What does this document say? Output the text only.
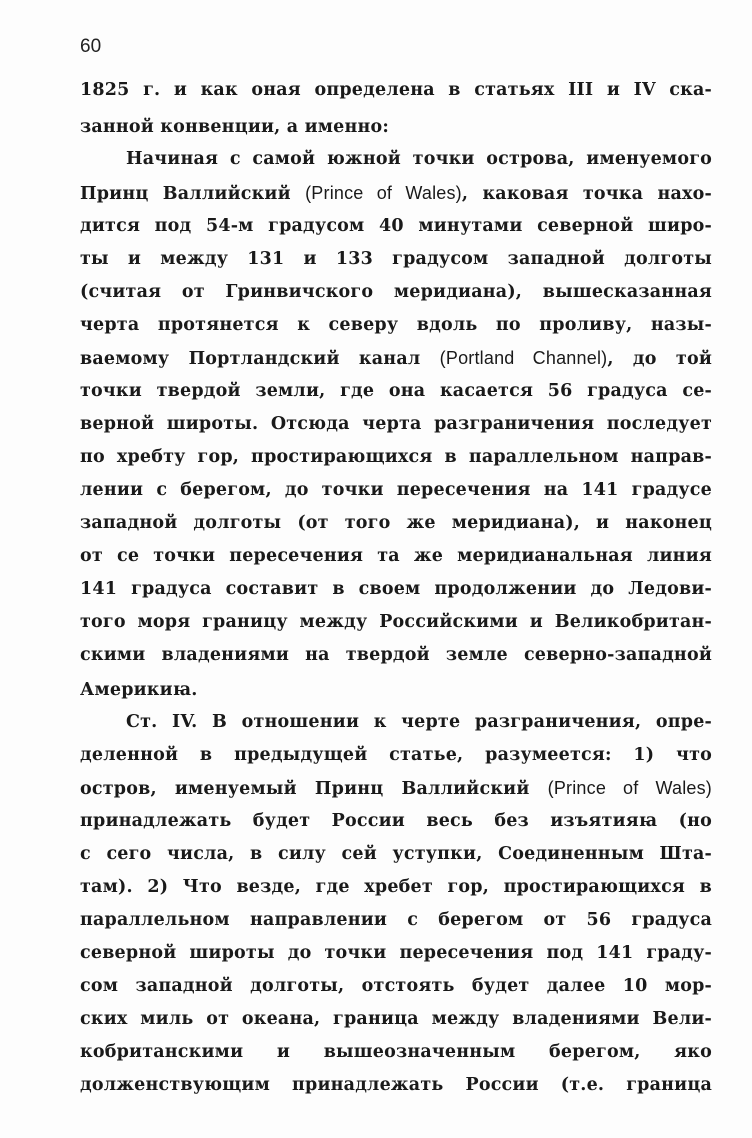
60
1825 г. и как оная определена в статьях III и IV ска-
занной конвенции, а именно:
Начиная с самой южной точки острова, именуемого
Принц Валлийский (Prince of Wales), каковая точка нахо-
дится под 54-м градусом 40 минутами северной широ-
ты и между 131 и 133 градусом западной долготы
(считая от Гринвичского меридиана), вышесказанная
черта протянется к северу вдоль по проливу, назы-
ваемому Портландский канал (Portland Channel), до той
точки твердой земли, где она касается 56 градуса се-
верной широты. Отсюда черта разграничения последует
по хребту гор, простирающихся в параллельном направ-
лении с берегом, до точки пересечения на 141 градусе
западной долготы (от того же меридиана), и наконец
от се точки пересечения та же меридианальная линия
141 градуса составит в своем продолжении до Ледови-
того моря границу между Российскими и Великобритан-
скими владениями на твердой земле северно-западной
Америкиꙗ.
Ст. IV. В отношении к черте разграничения, опре-
деленной в предыдущей статье, разумеется: 1) что
остров, именуемый Принц Валлийский (Prince of Wales)
принадлежать будет России весь без изъятияꙗ (но
с сего числа, в силу сей уступки, Соединенным Шта-
там). 2) Что везде, где хребет гор, простирающихся в
параллельном направлении с берегом от 56 градуса
северной широты до точки пересечения под 141 граду-
сом западной долготы, отстоять будет далее 10 мор-
ских миль от океана, граница между владениями Вели-
кобританскими и вышеозначенным берегом, яко
долженствующим принадлежать России (т.е. граница
